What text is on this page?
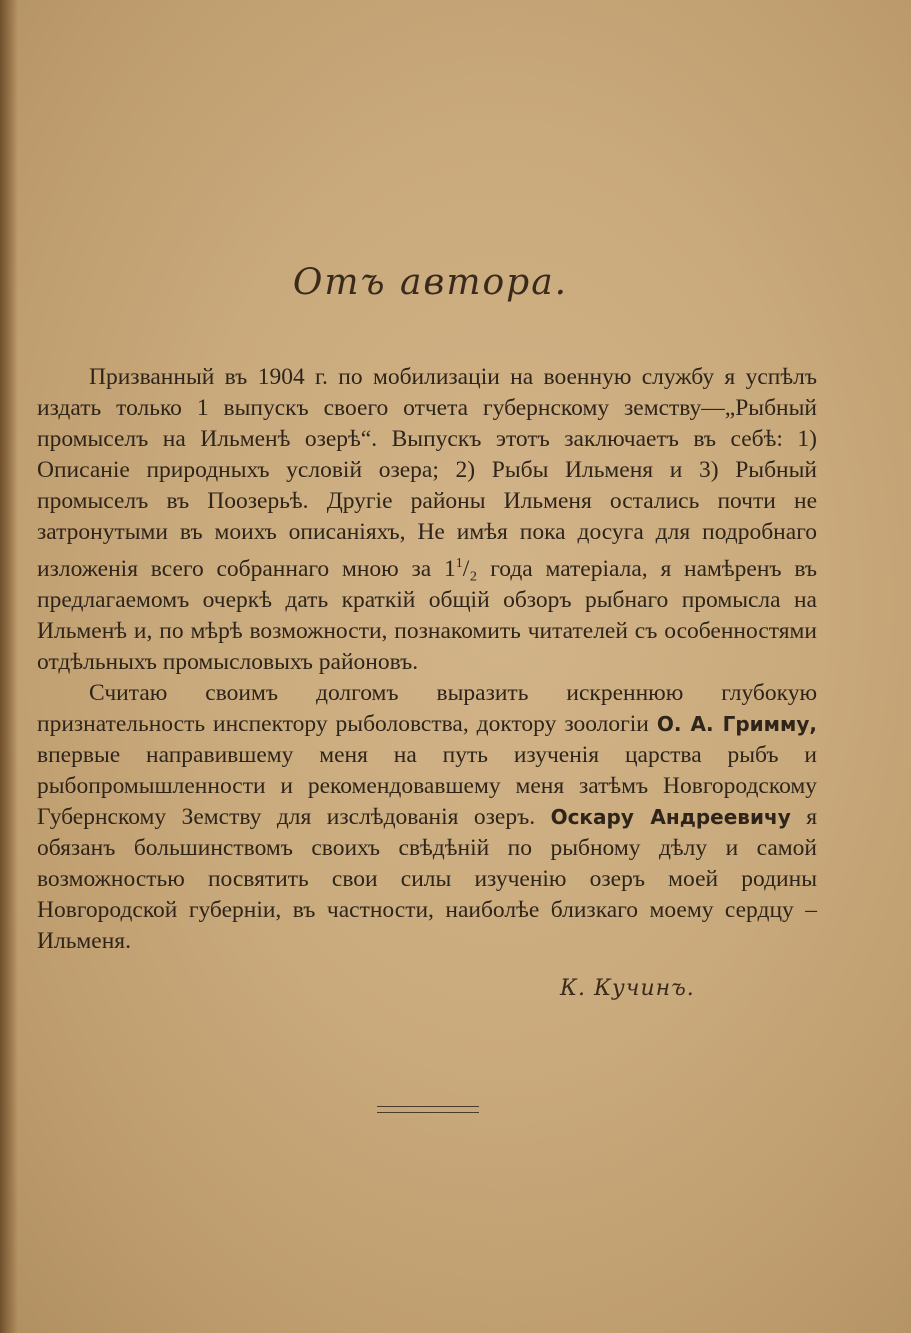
Отъ автора.

Призванный въ 1904 г. по мобилизаціи на военную службу я успѣлъ издать только 1 выпускъ своего отчета губернскому земству—„Рыбный промыселъ на Ильменѣ озерѣ“. Выпускъ этотъ заключаетъ въ себѣ: 1) Описаніе природныхъ условій озера; 2) Рыбы Ильменя и 3) Рыбный промыселъ въ Поозерьѣ. Другіе районы Ильменя остались почти не затронутыми въ моихъ описаніяхъ, Не имѣя пока досуга для подробнаго изложенія всего собраннаго мною за $1^1/_2$ года матеріала, я намѣренъ въ предлагаемомъ очеркѣ дать краткій общій обзоръ рыбнаго промысла на Ильменѣ и, по мѣрѣ возможности, познакомить читателей съ особенностями отдѣльныхъ промысловыхъ районовъ.

Считаю своимъ долгомъ выразить искреннюю глубокую признательность инспектору рыболовства, доктору зоологіи О. А. Гримму, впервые направившему меня на путь изученія царства рыбъ и рыбопромышленности и рекомендовавшему меня затѣмъ Новгородскому Губернскому Земству для изслѣдованія озеръ. Оскару Андреевичу я обязанъ большинствомъ своихъ свѣдѣній по рыбному дѣлу и самой возможностью посвятить свои силы изученію озеръ моей родины Новгородской губерніи, въ частности, наиболѣе близкаго моему сердцу – Ильменя.

К. Кучинъ.
